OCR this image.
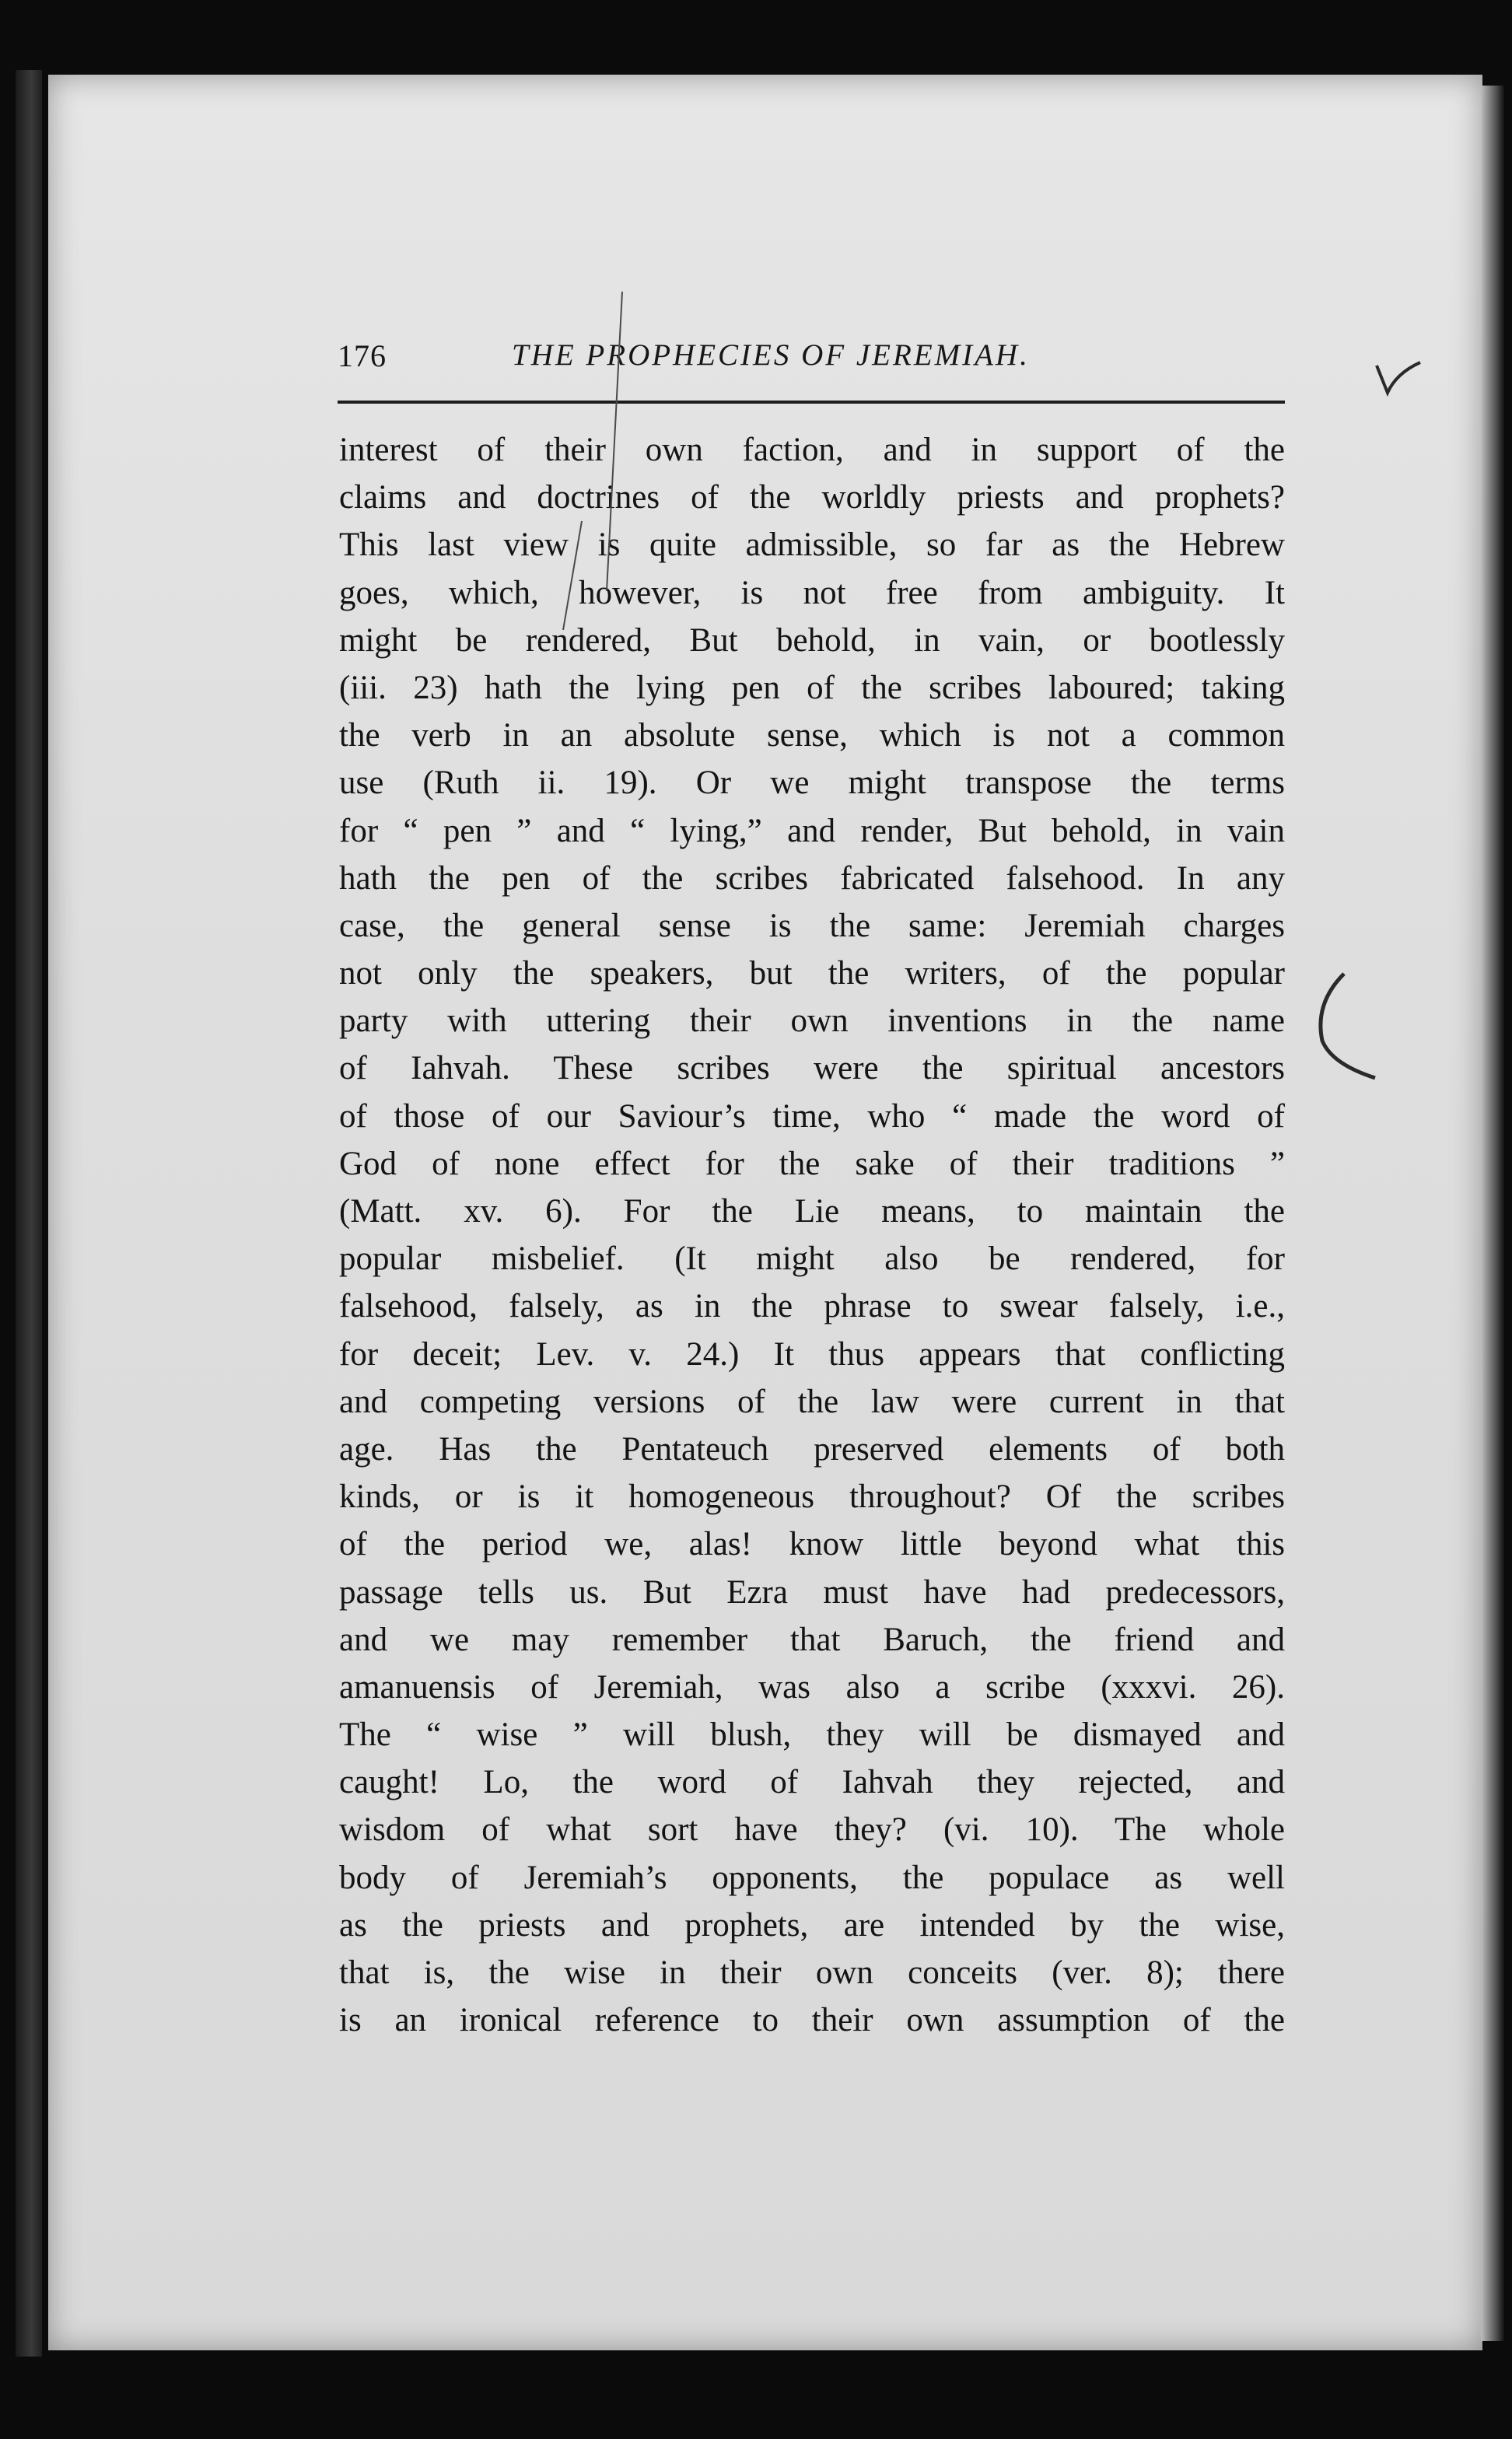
176	THE PROPHECIES OF JEREMIAH.
interest of their own faction, and in support of the
claims and doctrines of the worldly priests and prophets?
This last view is quite admissible, so far as the Hebrew
goes, which, however, is not free from ambiguity. It
might be rendered, But behold, in vain, or bootlessly
(iii. 23) hath the lying pen of the scribes laboured; taking
the verb in an absolute sense, which is not a common
use (Ruth ii. 19). Or we might transpose the terms
for “ pen ” and “ lying,” and render, But behold, in vain
hath the pen of the scribes fabricated falsehood. In any
case, the general sense is the same: Jeremiah charges
not only the speakers, but the writers, of the popular
party with uttering their own inventions in the name
of Iahvah. These scribes were the spiritual ancestors
of those of our Saviour’s time, who “ made the word of
God of none effect for the sake of their traditions ”
(Matt. xv. 6). For the Lie means, to maintain the
popular misbelief. (It might also be rendered, for
falsehood, falsely, as in the phrase to swear falsely, i.e.,
for deceit; Lev. v. 24.) It thus appears that conflicting
and competing versions of the law were current in that
age. Has the Pentateuch preserved elements of both
kinds, or is it homogeneous throughout? Of the scribes
of the period we, alas! know little beyond what this
passage tells us. But Ezra must have had predecessors,
and we may remember that Baruch, the friend and
amanuensis of Jeremiah, was also a scribe (xxxvi. 26).
The “ wise ” will blush, they will be dismayed and
caught! Lo, the word of Iahvah they rejected, and
wisdom of what sort have they? (vi. 10). The whole
body of Jeremiah’s opponents, the populace as well
as the priests and prophets, are intended by the wise,
that is, the wise in their own conceits (ver. 8); there
is an ironical reference to their own assumption of the
